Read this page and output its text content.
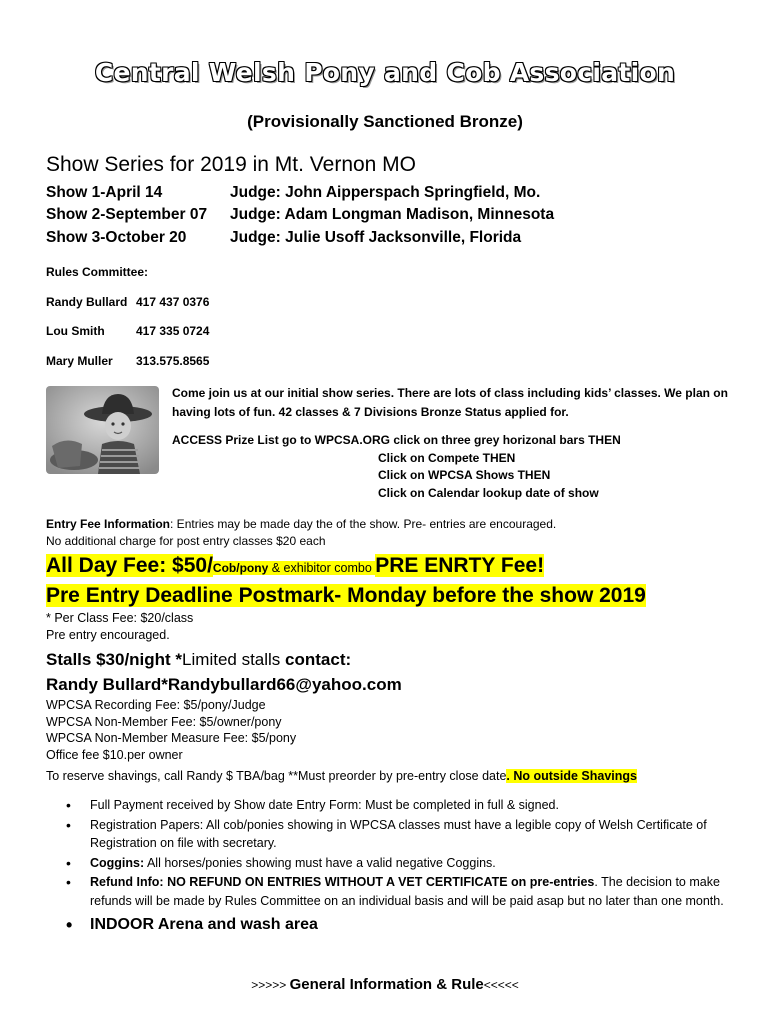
Central Welsh Pony and Cob Association
(Provisionally Sanctioned Bronze)
Show Series for 2019 in Mt. Vernon MO
Show 1-April 14	Judge: John Aipperspach Springfield, Mo.
Show 2-September 07 Judge: Adam Longman Madison, Minnesota
Show 3-October 20	Judge: Julie Usoff Jacksonville, Florida
Rules Committee:
Randy Bullard 417 437 0376
Lou Smith	417 335 0724
Mary Muller 313.575.8565
Come join us at our initial show series. There are lots of class including kids’ classes. We plan on having lots of fun. 42 classes & 7 Divisions Bronze Status applied for.
ACCESS Prize List go to WPCSA.ORG click on three grey horizonal bars THEN
Click on Compete THEN
Click on WPCSA Shows THEN
Click on Calendar lookup date of show
Entry Fee Information: Entries may be made day the of the show. Pre- entries are encouraged.
No additional charge for post entry classes $20 each
All Day Fee: $50/Cob/pony & exhibitor combo PRE ENRTY Fee!
Pre Entry Deadline Postmark- Monday before the show 2019
* Per Class Fee: $20/class
Pre entry encouraged.
Stalls $30/night *Limited stalls contact:
Randy Bullard*Randybullard66@yahoo.com
WPCSA Recording Fee: $5/pony/Judge
WPCSA Non-Member Fee: $5/owner/pony
WPCSA Non-Member Measure Fee: $5/pony
Office fee $10.per owner
To reserve shavings, call Randy $ TBA/bag **Must preorder by pre-entry close date. No outside Shavings
• Full Payment received by Show date Entry Form: Must be completed in full & signed.
• Registration Papers: All cob/ponies showing in WPCSA classes must have a legible copy of Welsh Certificate of Registration on file with secretary.
• Coggins: All horses/ponies showing must have a valid negative Coggins.
• Refund Info: NO REFUND ON ENTRIES WITHOUT A VET CERTIFICATE on pre-entries. The decision to make refunds will be made by Rules Committee on an individual basis and will be paid asap but no later than one month.
• INDOOR Arena and wash area
>>>>> General Information & Rule<<<<<
